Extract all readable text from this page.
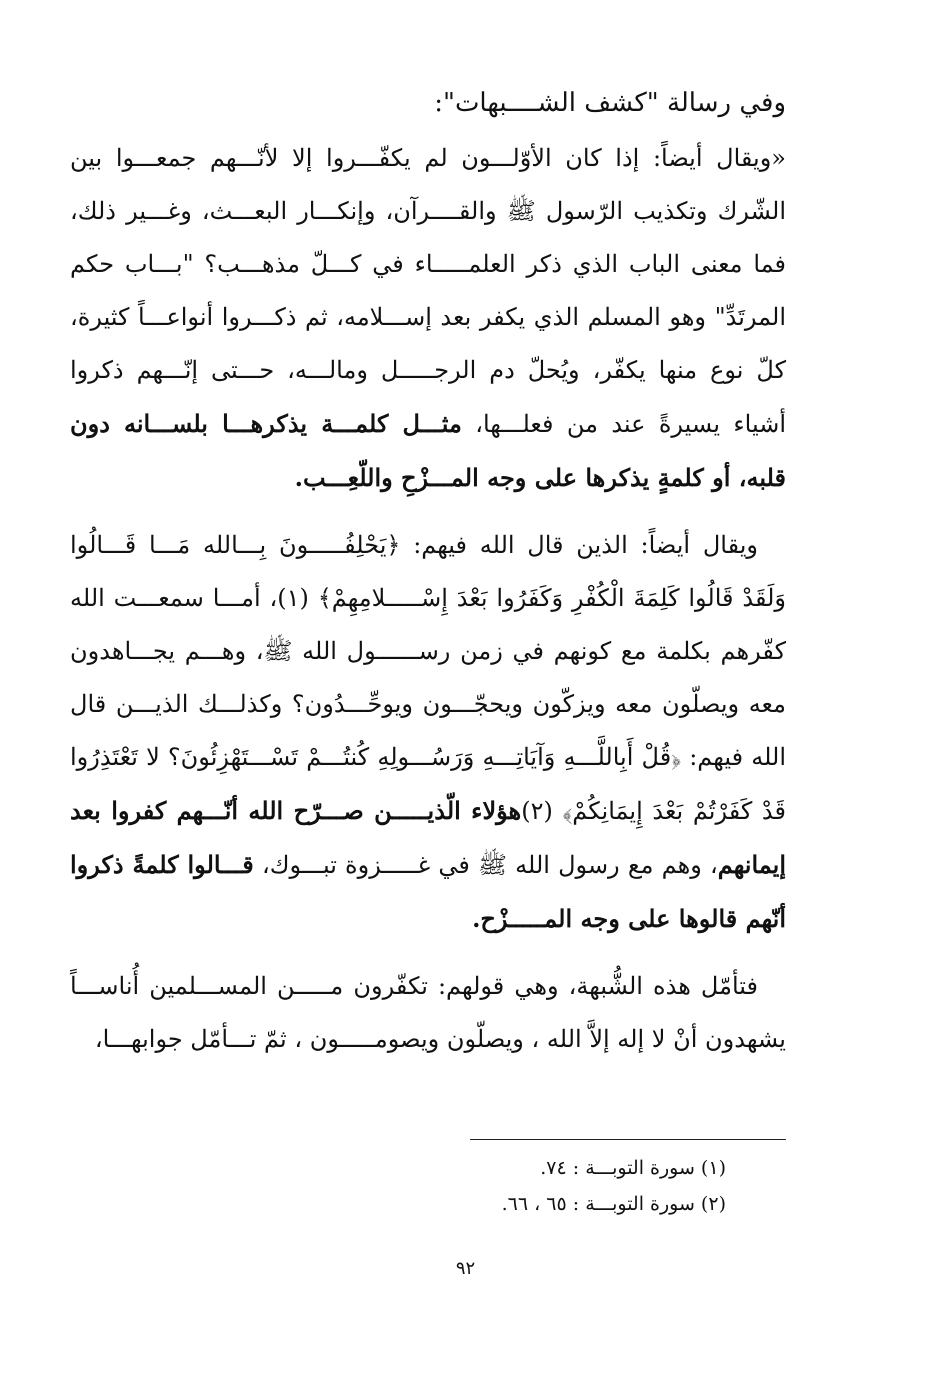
وفي رسالة "كشف الشــــبهات":
«ويقال أيضاً: إذا كان الأوّلـــون لم يكفّـــروا إلا لأنّـــهم جمعـــوا بين الشّرك وتكذيب الرّسول ﷺ والقــــرآن، وإنكـــار البعـــث، وغـــير ذلك، فما معنى الباب الذي ذكر العلمـــــاء في كـــلّ مذهـــب؟ "بـــاب حكم المرتَدِّ" وهو المسلم الذي يكفر بعد إســـلامه، ثم ذكـــروا أنواعـــاً كثيرة، كلّ نوع منها يكفّر، ويُحلّ دم الرجـــــل ومالـــه، حـــتى إنّـــهم ذكروا أشياء يسيرةً عند من فعلـــها، مثـــل كلمـــة يذكرهـــا بلســـانه دون قلبه، أو كلمةٍ يذكرها على وجه المـــزْحِ واللّعِـــب.
ويقال أيضاً: الذين قال الله فيهم: ﴿يَحْلِفُـــــونَ بِـــالله مَـــا قَـــالُوا وَلَقَدْ قَالُوا كَلِمَةَ الْكُفْرِ وَكَفَرُوا بَعْدَ إِسْـــــلامِهِمْ﴾ (١)، أمـــا سمعـــت الله كفّرهم بكلمة مع كونهم في زمن رســــــول الله ﷺ، وهـــم يجـــاهدون معه ويصلّون معه ويزكّون ويحجّـــون ويوحِّـــدُون؟ وكذلـــك الذيـــن قال الله فيهم: ﴿قُلْ أَبِاللَّـــهِ وَآيَاتِـــهِ وَرَسُـــولِهِ كُنتُـــمْ تَسْـــتَهْزِئُونَ؟ لا تَعْتَذِرُوا قَدْ كَفَرْتُمْ بَعْدَ إِيمَانِكُمْ﴾ (٢)هؤلاء الّذيـــــن صـــرّح الله أنّـــهم كفروا بعد إيمانهم، وهم مع رسول الله ﷺ في غـــــزوة تبـــوك، قـــالوا كلمةً ذكروا أنّهم قالوها على وجه المـــــزْح.
فتأمّل هذه الشُّبهة، وهي قولهم: تكفّرون مـــــن المســـلمين أُناســـاً يشهدون أنْ لا إله إلاَّ الله ، ويصلّون ويصومـــــون ، ثمّ تـــأمّل جوابهـــا،
(١) سورة التوبـــة : ٧٤.
(٢) سورة التوبـــة : ٦٥ ، ٦٦.
٩٢
